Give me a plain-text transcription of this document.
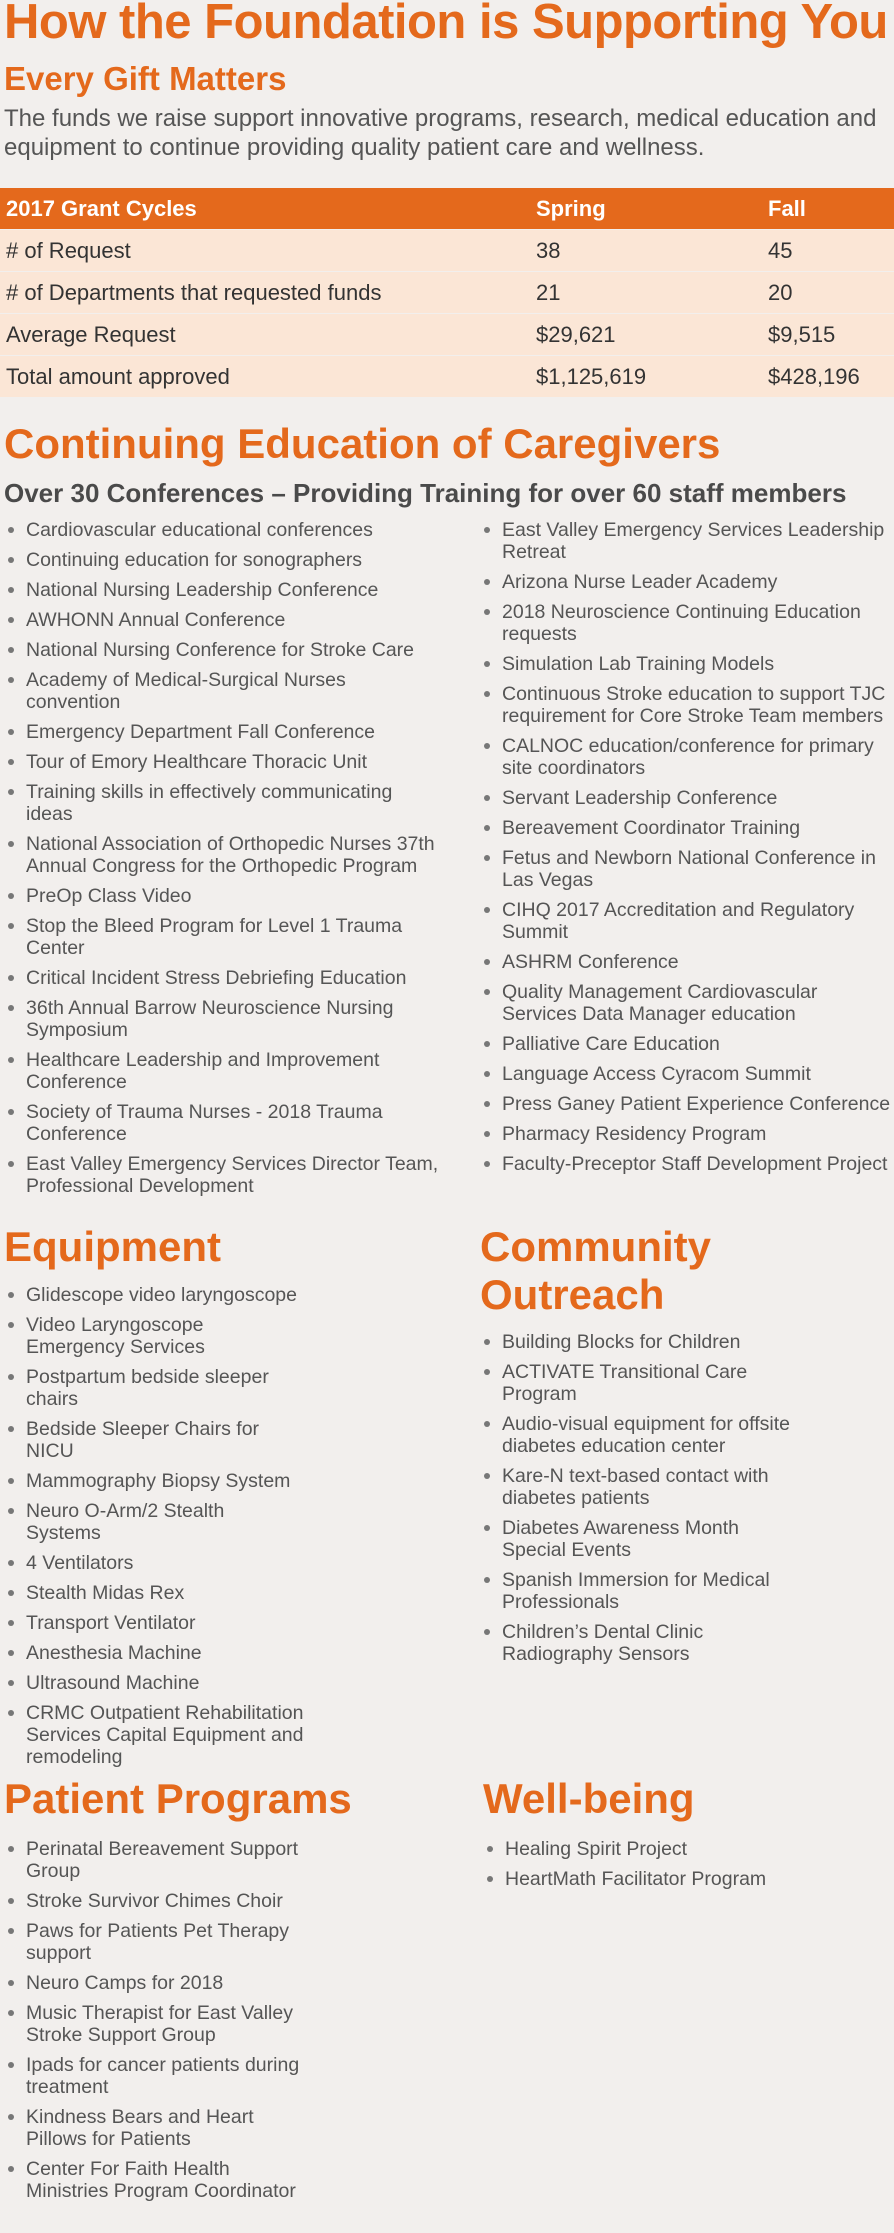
How the Foundation is Supporting You
Every Gift Matters

The funds we raise support innovative programs, research, medical education and equipment to continue providing quality patient care and wellness.

2017 Grant Cycles	Spring	Fall
# of Request	38	45
# of Departments that requested funds	21	20
Average Request	$29,621	$9,515
Total amount approved	$1,125,619	$428,196
Continuing Education of Caregivers
Over 30 Conferences – Providing Training for over 60 staff members
Cardiovascular educational conferences
Continuing education for sonographers
National Nursing Leadership Conference
AWHONN Annual Conference
National Nursing Conference for Stroke Care
Academy of Medical-Surgical Nurses convention
Emergency Department Fall Conference
Tour of Emory Healthcare Thoracic Unit
Training skills in effectively communicating ideas
National Association of Orthopedic Nurses 37th Annual Congress for the Orthopedic Program
PreOp Class Video
Stop the Bleed Program for Level 1 Trauma Center
Critical Incident Stress Debriefing Education
36th Annual Barrow Neuroscience Nursing Symposium
Healthcare Leadership and Improvement Conference
Society of Trauma Nurses - 2018 Trauma Conference
East Valley Emergency Services Director Team, Professional Development
East Valley Emergency Services Leadership Retreat
Arizona Nurse Leader Academy
2018 Neuroscience Continuing Education requests
Simulation Lab Training Models
Continuous Stroke education to support TJC requirement for Core Stroke Team members
CALNOC education/conference for primary site coordinators
Servant Leadership Conference
Bereavement Coordinator Training
Fetus and Newborn National Conference in Las Vegas
CIHQ 2017 Accreditation and Regulatory Summit
ASHRM Conference
Quality Management Cardiovascular Services Data Manager education
Palliative Care Education
Language Access Cyracom Summit
Press Ganey Patient Experience Conference
Pharmacy Residency Program
Faculty-Preceptor Staff Development Project
Equipment
Glidescope video laryngoscope
Video Laryngoscope Emergency Services
Postpartum bedside sleeper chairs
Bedside Sleeper Chairs for NICU
Mammography Biopsy System
Neuro O-Arm/2 Stealth Systems
4 Ventilators
Stealth Midas Rex
Transport Ventilator
Anesthesia Machine
Ultrasound Machine
CRMC Outpatient Rehabilitation Services Capital Equipment and remodeling
Community
Outreach
Building Blocks for Children
ACTIVATE Transitional Care Program
Audio-visual equipment for offsite diabetes education center
Kare-N text-based contact with diabetes patients
Diabetes Awareness Month Special Events
Spanish Immersion for Medical Professionals
Children’s Dental Clinic Radiography Sensors
Patient Programs
Perinatal Bereavement Support Group
Stroke Survivor Chimes Choir
Paws for Patients Pet Therapy support
Neuro Camps for 2018
Music Therapist for East Valley Stroke Support Group
Ipads for cancer patients during treatment
Kindness Bears and Heart Pillows for Patients
Center For Faith Health Ministries Program Coordinator
Well-being
Healing Spirit Project
HeartMath Facilitator Program
